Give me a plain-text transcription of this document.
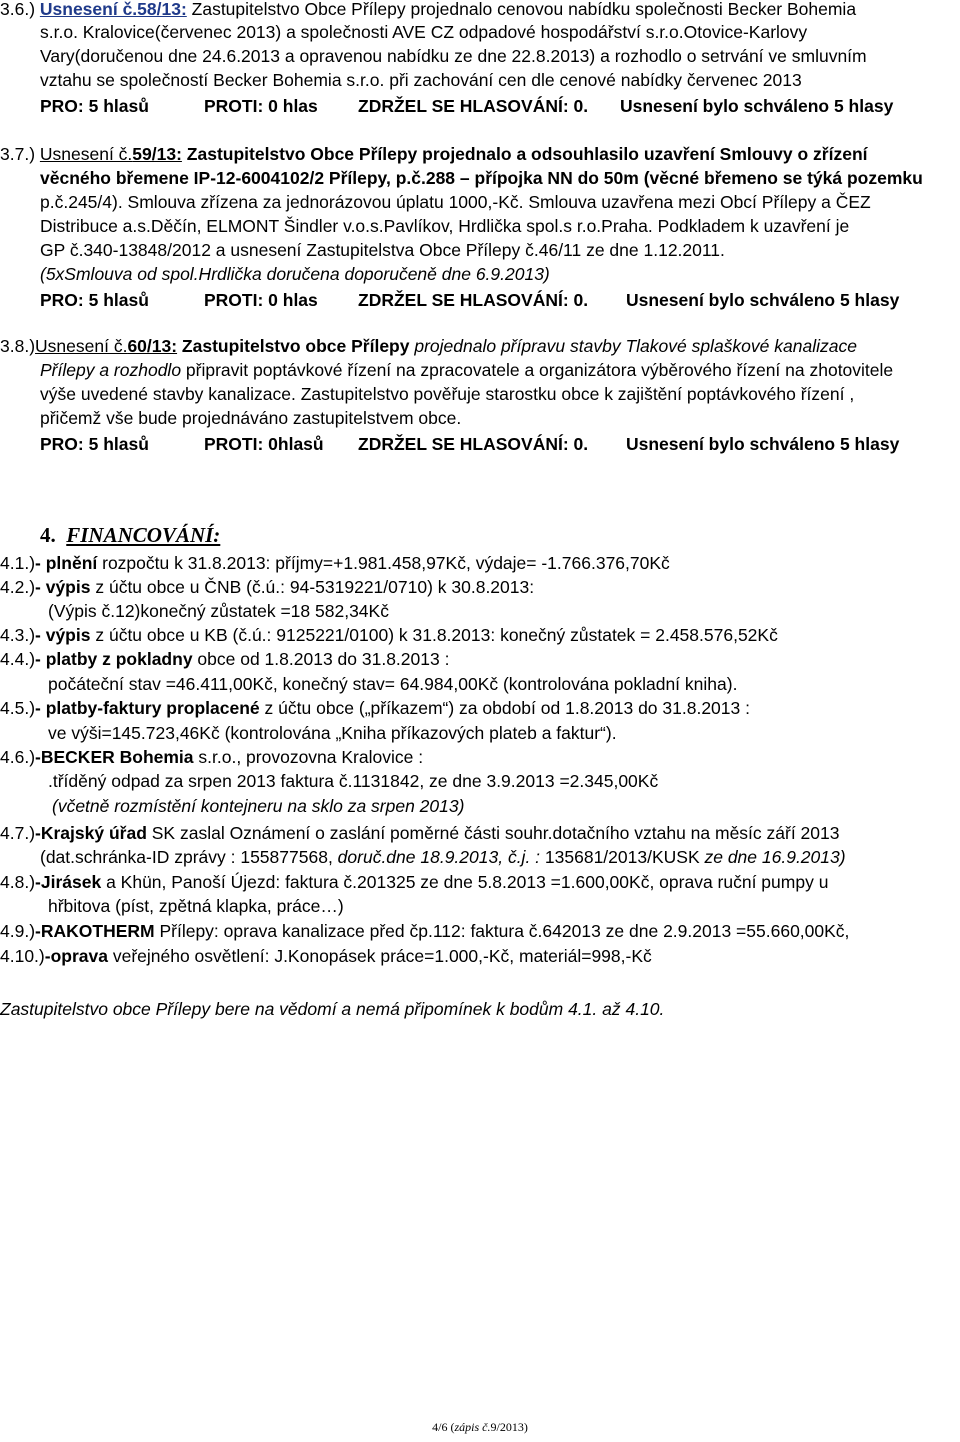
3.6.) Usnesení č.58/13: Zastupitelstvo Obce Přílepy projednalo cenovou nabídku společnosti Becker Bohemia
s.r.o. Kralovice(červenec 2013) a společnosti AVE CZ odpadové hospodářství s.r.o.Otovice-Karlovy
Vary(doručenou dne 24.6.2013 a opravenou nabídku ze dne 22.8.2013) a rozhodlo o setrvání ve smluvním
vztahu se společností Becker Bohemia s.r.o. při zachování cen dle cenové nabídky červenec 2013
PRO: 5 hlasů	PROTI: 0 hlas ZDRŽEL SE HLASOVÁNÍ: 0. Usnesení bylo schváleno 5 hlasy
3.7.) Usnesení č.59/13: Zastupitelstvo Obce Přílepy projednalo a odsouhlasilo uzavření Smlouvy o zřízení
věcného břemene IP-12-6004102/2 Přílepy, p.č.288 – přípojka NN do 50m (věcné břemeno se týká pozemku
p.č.245/4). Smlouva zřízena za jednorázovou úplatu 1000,-Kč. Smlouva uzavřena mezi Obcí Přílepy a ČEZ
Distribuce a.s.Děčín, ELMONT Šindler v.o.s.Pavlíkov, Hrdlička spol.s r.o.Praha. Podkladem k uzavření je
GP č.340-13848/2012 a usnesení Zastupitelstva Obce Přílepy č.46/11 ze dne 1.12.2011.
(5xSmlouva od spol.Hrdlička doručena doporučeně dne 6.9.2013)
PRO: 5 hlasů	PROTI: 0 hlas ZDRŽEL SE HLASOVÁNÍ: 0. Usnesení bylo schváleno 5 hlasy
3.8.)Usnesení č.60/13: Zastupitelstvo obce Přílepy projednalo přípravu stavby Tlakové splaškové kanalizace
Přílepy a rozhodlo připravit poptávkové řízení na zpracovatele a organizátora výběrového řízení na zhotovitele
výše uvedené stavby kanalizace. Zastupitelstvo pověřuje starostku obce k zajištění poptávkového řízení ,
přičemž vše bude projednáváno zastupitelstvem obce.
PRO: 5 hlasů	PROTI: 0hlasů ZDRŽEL SE HLASOVÁNÍ: 0. Usnesení bylo schváleno 5 hlasy
4. FINANCOVÁNÍ:
4.1.)- plnění rozpočtu k 31.8.2013: příjmy=+1.981.458,97Kč, výdaje= -1.766.376,70Kč
4.2.)- výpis z účtu obce u ČNB (č.ú.: 94-5319221/0710) k 30.8.2013:
(Výpis č.12)konečný zůstatek =18 582,34Kč
4.3.)- výpis z účtu obce u KB (č.ú.: 9125221/0100) k 31.8.2013: konečný zůstatek = 2.458.576,52Kč
4.4.)- platby z pokladny obce od 1.8.2013 do 31.8.2013 :
počáteční stav =46.411,00Kč, konečný stav= 64.984,00Kč (kontrolována pokladní kniha).
4.5.)- platby-faktury proplacené z účtu obce („příkazem“) za období od 1.8.2013 do 31.8.2013 :
ve výši=145.723,46Kč (kontrolována „Kniha příkazových plateb a faktur“).
4.6.)-BECKER Bohemia s.r.o., provozovna Kralovice :
.tříděný odpad za srpen 2013 faktura č.1131842, ze dne 3.9.2013 =2.345,00Kč
(včetně rozmístění kontejneru na sklo za srpen 2013)
4.7.)-Krajský úřad SK zaslal Oznámení o zaslání poměrné části souhr.dotačního vztahu na měsíc září 2013
(dat.schránka-ID zprávy : 155877568, doruč.dne 18.9.2013, č.j. : 135681/2013/KUSK ze dne 16.9.2013)
4.8.)-Jirásek a Khün, Panoší Újezd: faktura č.201325 ze dne 5.8.2013 =1.600,00Kč, oprava ruční pumpy u
hřbitova (píst, zpětná klapka, práce…)
4.9.)-RAKOTHERM Přílepy: oprava kanalizace před čp.112: faktura č.642013 ze dne 2.9.2013 =55.660,00Kč,
4.10.)-oprava veřejného osvětlení: J.Konopásek práce=1.000,-Kč, materiál=998,-Kč
Zastupitelstvo obce Přílepy bere na vědomí a nemá připomínek k bodům 4.1. až 4.10.
4/6 (zápis č.9/2013)
